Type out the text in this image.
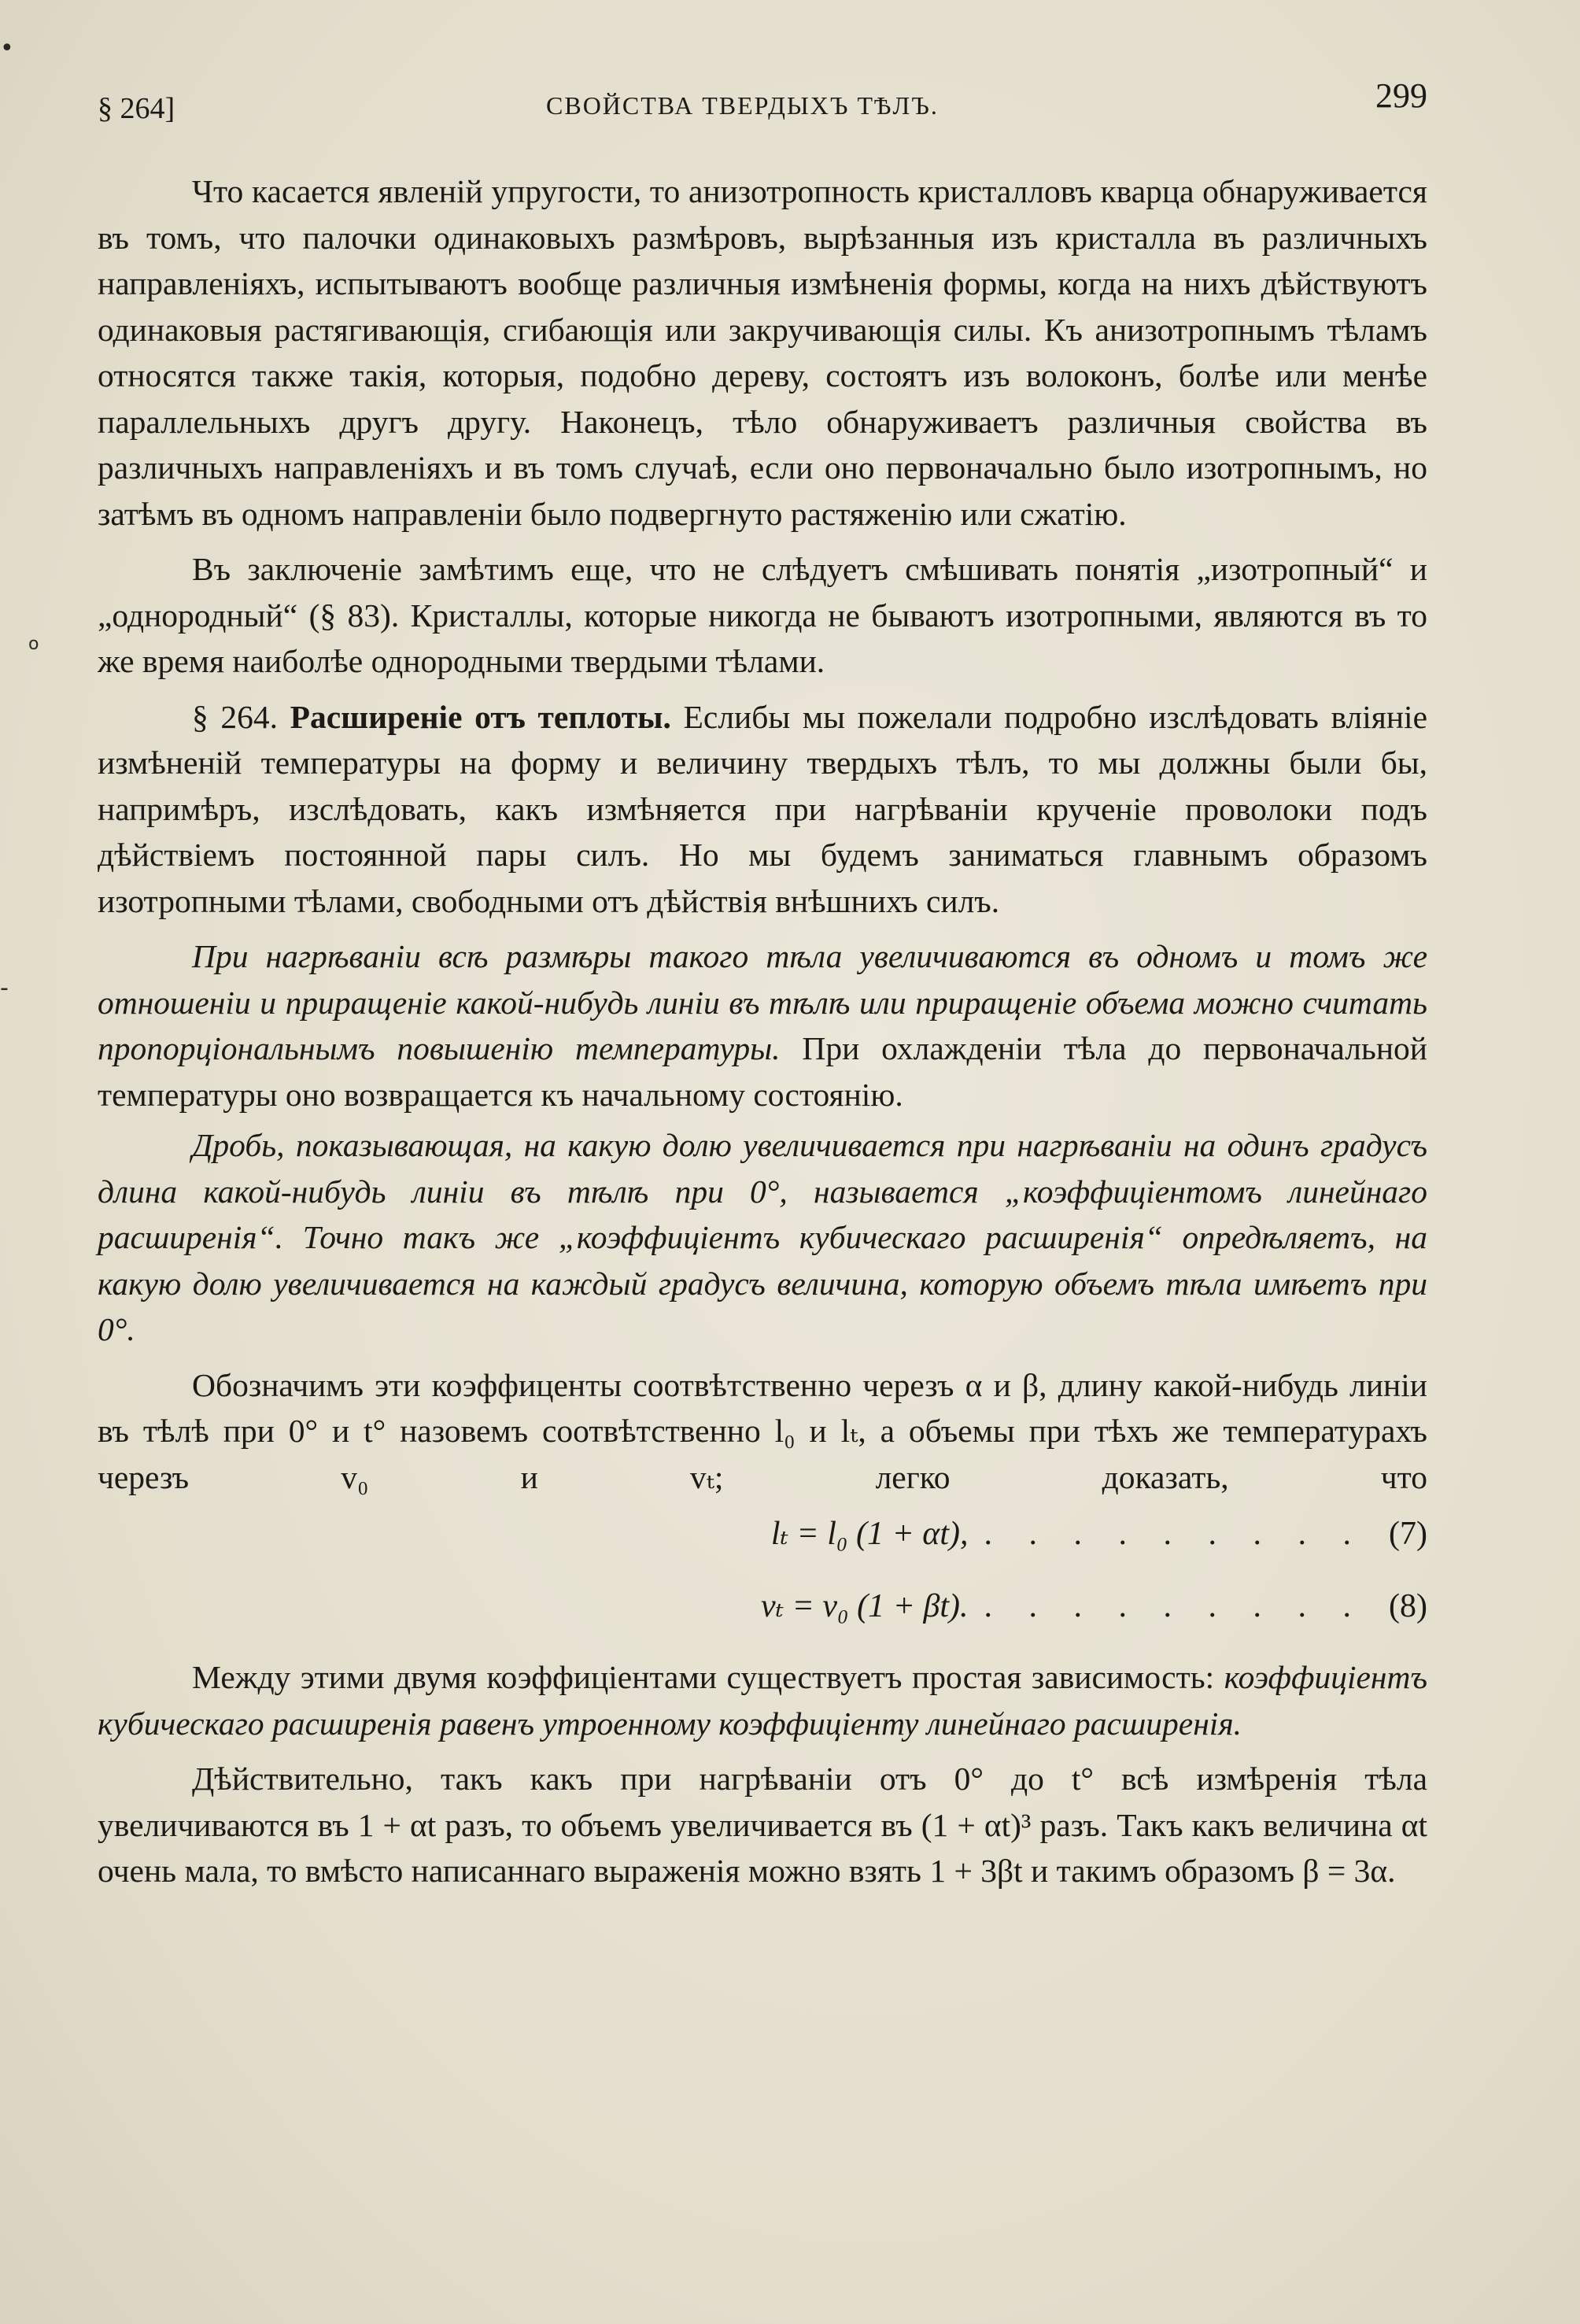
•
o
-
§ 264]	СВОЙСТВА ТВЕРДЫХЪ ТѢЛЪ.	299

Что касается явленій упругости, то анизотропность кристалловъ кварца обнаруживается въ томъ, что палочки одинаковыхъ размѣровъ, вырѣзанныя изъ кристалла въ различныхъ направленіяхъ, испытываютъ вообще различныя измѣненія формы, когда на нихъ дѣйствуютъ одинаковыя растягивающія, сгибающія или закручивающія силы. Къ анизотропнымъ тѣламъ относятся также такія, которыя, подобно дереву, состоятъ изъ волоконъ, болѣе или менѣе параллельныхъ другъ другу. Наконецъ, тѣло обнаруживаетъ различныя свойства въ различныхъ направленіяхъ и въ томъ случаѣ, если оно первоначально было изотропнымъ, но затѣмъ въ одномъ направленіи было подвергнуто растяженію или сжатію.

Въ заключеніе замѣтимъ еще, что не слѣдуетъ смѣшивать понятія „изотропный“ и „однородный“ (§ 83). Кристаллы, которые никогда не бываютъ изотропными, являются въ то же время наиболѣе однородными твердыми тѣлами.

§ 264. Расширеніе отъ теплоты. Еслибы мы пожелали подробно изслѣдовать вліяніе измѣненій температуры на форму и величину твердыхъ тѣлъ, то мы должны были бы, напримѣръ, изслѣдовать, какъ измѣняется при нагрѣваніи крученіе проволоки подъ дѣйствіемъ постоянной пары силъ. Но мы будемъ заниматься главнымъ образомъ изотропными тѣлами, свободными отъ дѣйствія внѣшнихъ силъ.

При нагрѣваніи всѣ размѣры такого тѣла увеличиваются въ одномъ и томъ же отношеніи и приращеніе какой-нибудь линіи въ тѣлѣ или приращеніе объема можно считать пропорціональнымъ повышенію температуры. При охлажденіи тѣла до первоначальной температуры оно возвращается къ начальному состоянію.

Дробь, показывающая, на какую долю увеличивается при нагрѣваніи на одинъ градусъ длина какой-нибудь линіи въ тѣлѣ при 0°, называется „коэффиціентомъ линейнаго расширенія“. Точно такъ же „коэффиціентъ кубическаго расширенія“ опредѣляетъ, на какую долю увеличивается на каждый градусъ величина, которую объемъ тѣла имѣетъ при 0°.

Обозначимъ эти коэффиценты соотвѣтственно черезъ α и β, длину какой-нибудь линіи въ тѣлѣ при 0° и t° назовемъ соотвѣтственно l₀ и lₜ, а объемы при тѣхъ же температурахъ черезъ v₀ и vₜ; легко доказать, что

lₜ = l₀ (1 + αt), . . . . . . . . . (7)
vₜ = v₀ (1 + βt). . . . . . . . . . (8)

Между этими двумя коэффиціентами существуетъ простая зависимость: коэффиціентъ кубическаго расширенія равенъ утроенному коэффиціенту линейнаго расширенія.

Дѣйствительно, такъ какъ при нагрѣваніи отъ 0° до t° всѣ измѣренія тѣла увеличиваются въ 1 + αt разъ, то объемъ увеличивается въ (1 + αt)³ разъ. Такъ какъ величина αt очень мала, то вмѣсто написаннаго выраженія можно взять 1 + 3βt и такимъ образомъ β = 3α.
